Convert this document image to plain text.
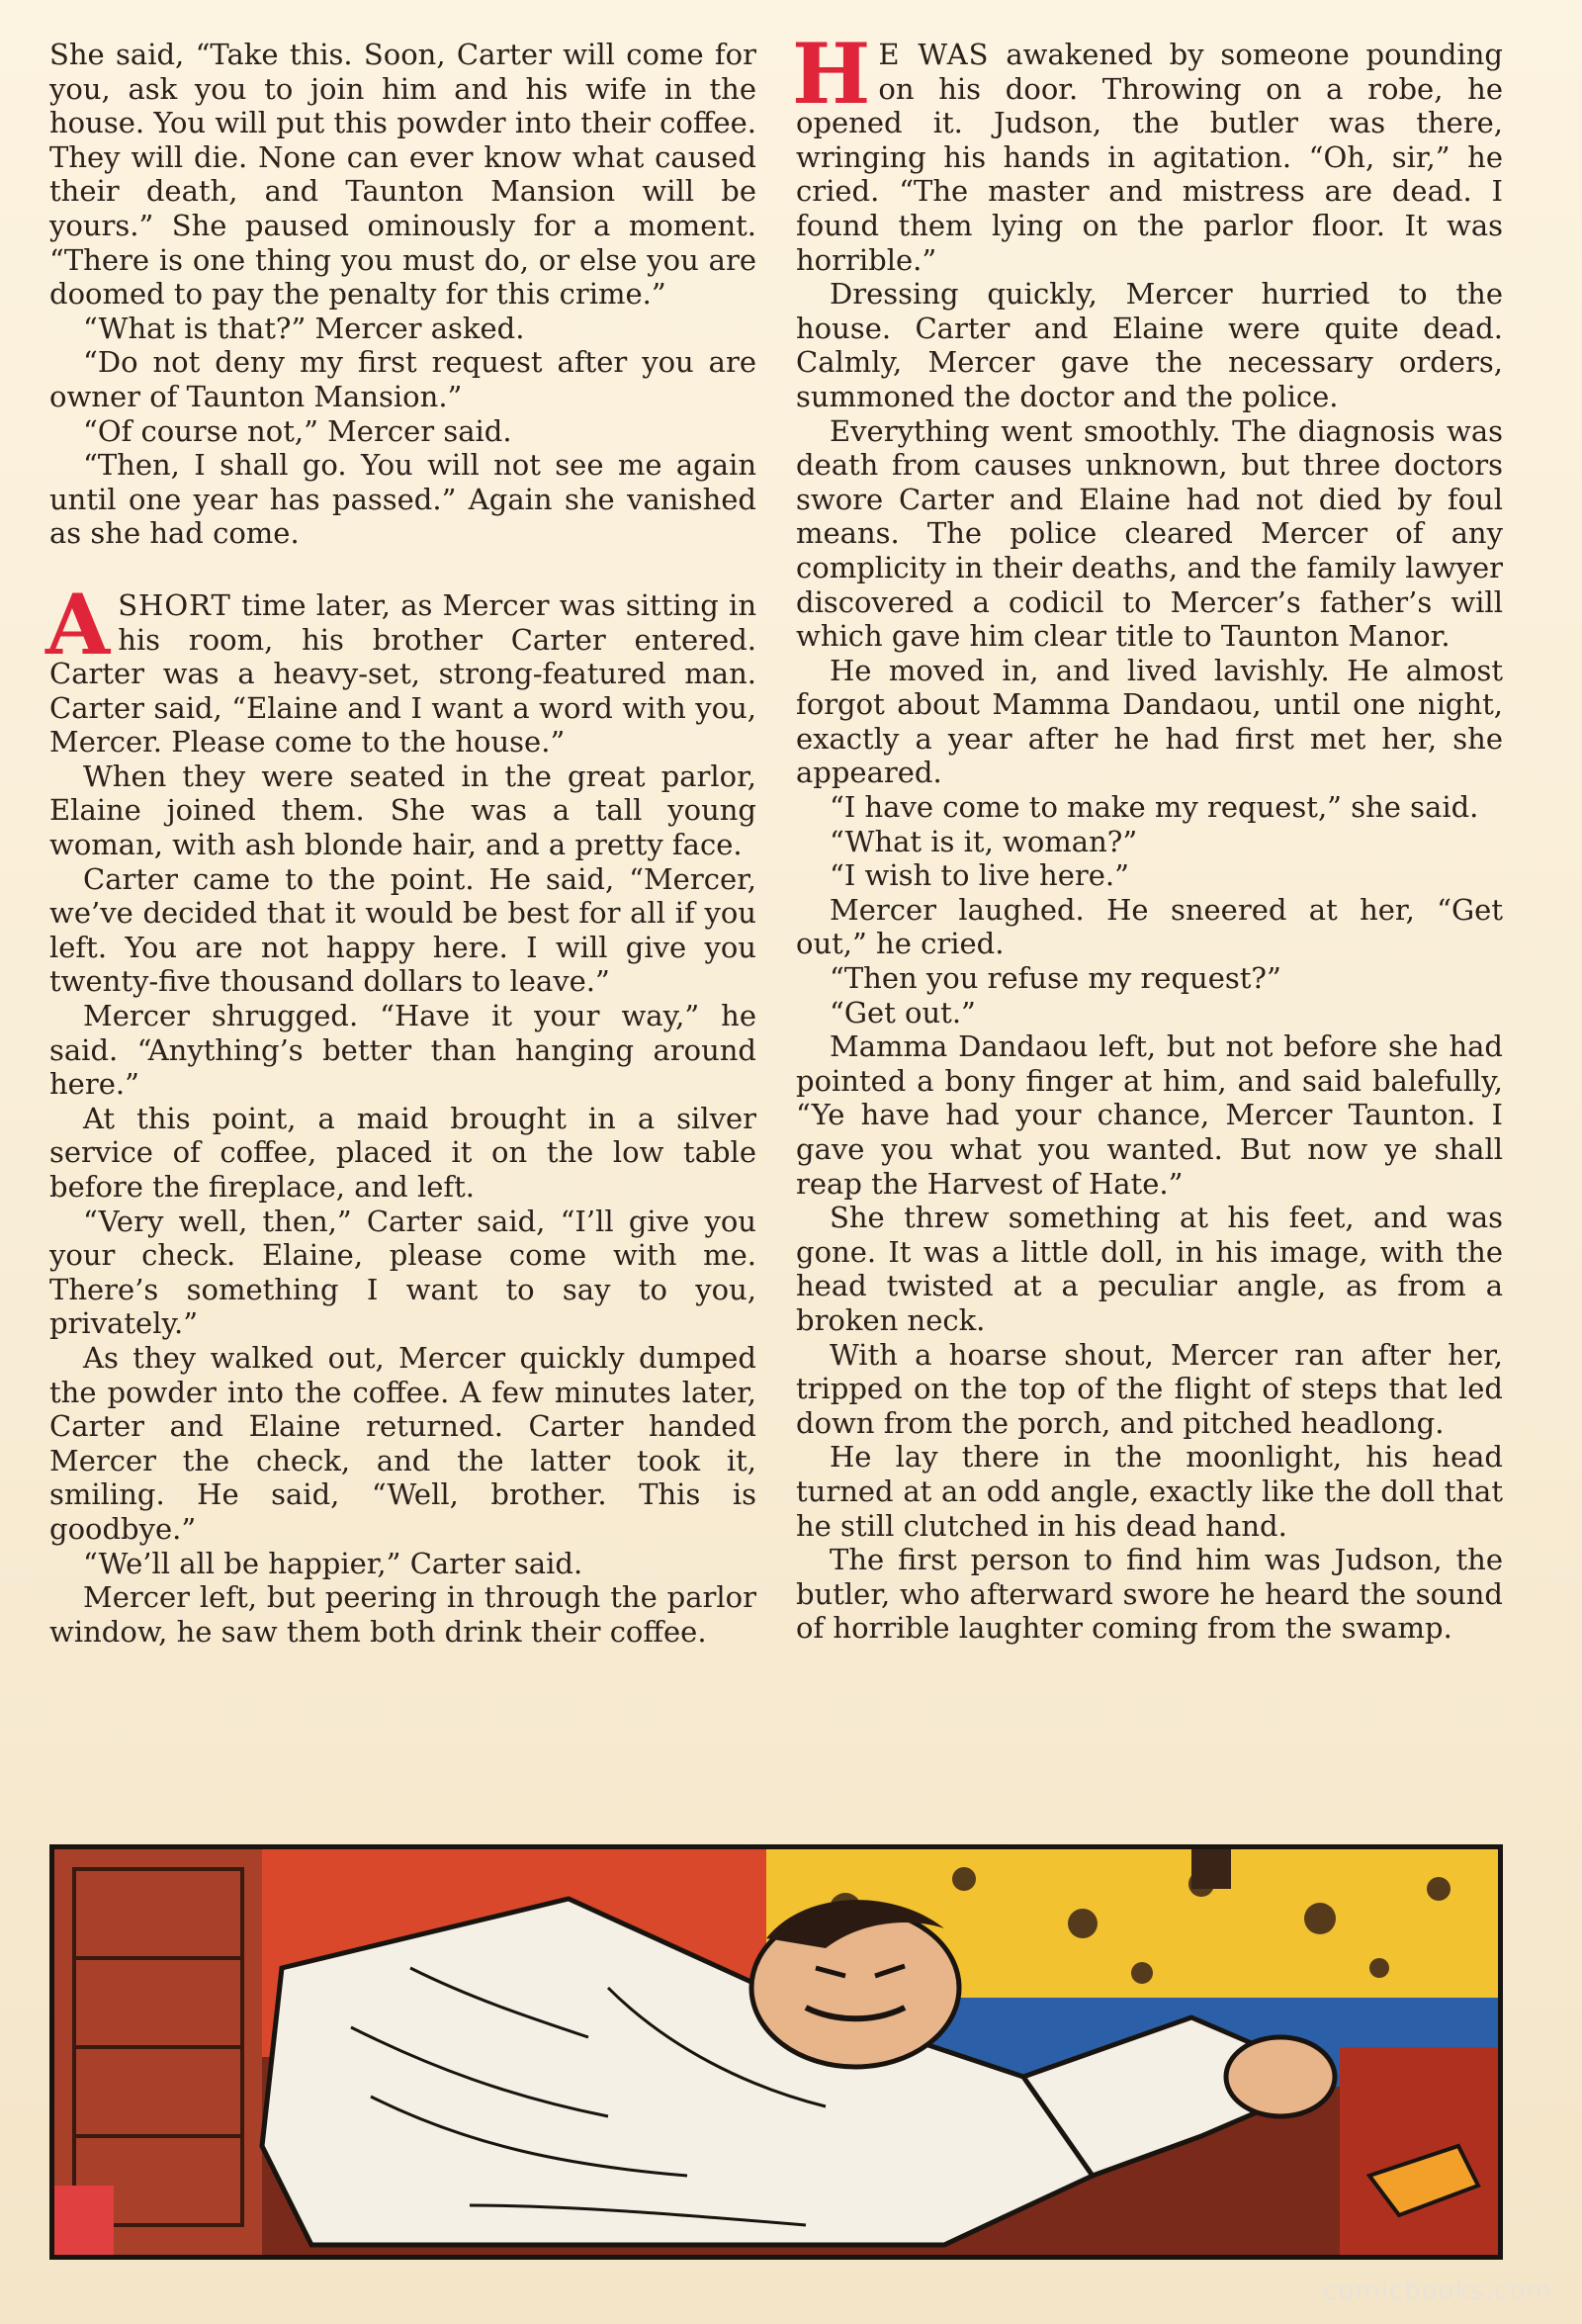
She said, “Take this. Soon, Carter will come for you, ask you to join him and his wife in the house. You will put this powder into their coffee. They will die. None can ever know what caused their death, and Taunton Mansion will be yours.” She paused ominously for a moment. “There is one thing you must do, or else you are doomed to pay the penalty for this crime.”

“What is that?” Mercer asked.

“Do not deny my first request after you are owner of Taunton Mansion.”

“Of course not,” Mercer said.

“Then, I shall go. You will not see me again until one year has passed.” Again she vanished as she had come.

ASHORT time later, as Mercer was sitting in his room, his brother Carter entered. Carter was a heavy-set, strong-featured man. Carter said, “Elaine and I want a word with you, Mercer. Please come to the house.”

When they were seated in the great parlor, Elaine joined them. She was a tall young woman, with ash blonde hair, and a pretty face.

Carter came to the point. He said, “Mercer, we’ve decided that it would be best for all if you left. You are not happy here. I will give you twenty-five thousand dollars to leave.”

Mercer shrugged. “Have it your way,” he said. “Anything’s better than hanging around here.”

At this point, a maid brought in a silver service of coffee, placed it on the low table before the fireplace, and left.

“Very well, then,” Carter said, “I’ll give you your check. Elaine, please come with me. There’s something I want to say to you, privately.”

As they walked out, Mercer quickly dumped the powder into the coffee. A few minutes later, Carter and Elaine returned. Carter handed Mercer the check, and the latter took it, smiling. He said, “Well, brother. This is goodbye.”

“We’ll all be happier,” Carter said.

Mercer left, but peering in through the parlor window, he saw them both drink their coffee.

H E WAS awakened by someone pounding on his door. Throwing on a robe, he opened it. Judson, the butler was there, wringing his hands in agitation. “Oh, sir,” he cried. “The master and mistress are dead. I found them lying on the parlor floor. It was horrible.”

Dressing quickly, Mercer hurried to the house. Carter and Elaine were quite dead. Calmly, Mercer gave the necessary orders, summoned the doctor and the police.

Everything went smoothly. The diagnosis was death from causes unknown, but three doctors swore Carter and Elaine had not died by foul means. The police cleared Mercer of any complicity in their deaths, and the family lawyer discovered a codicil to Mercer’s father’s will which gave him clear title to Taunton Manor.

He moved in, and lived lavishly. He almost forgot about Mamma Dandaou, until one night, exactly a year after he had first met her, she appeared.

“I have come to make my request,” she said.

“What is it, woman?”

“I wish to live here.”

Mercer laughed. He sneered at her, “Get out,” he cried.

“Then you refuse my request?”

“Get out.”

Mamma Dandaou left, but not before she had pointed a bony finger at him, and said balefully, “Ye have had your chance, Mercer Taunton. I gave you what you wanted. But now ye shall reap the Harvest of Hate.”

She threw something at his feet, and was gone. It was a little doll, in his image, with the head twisted at a peculiar angle, as from a broken neck.

With a hoarse shout, Mercer ran after her, tripped on the top of the flight of steps that led down from the porch, and pitched headlong.

He lay there in the moonlight, his head turned at an odd angle, exactly like the doll that he still clutched in his dead hand.

The first person to find him was Judson, the butler, who afterward swore he heard the sound of horrible laughter coming from the swamp.

comicbooks.com
